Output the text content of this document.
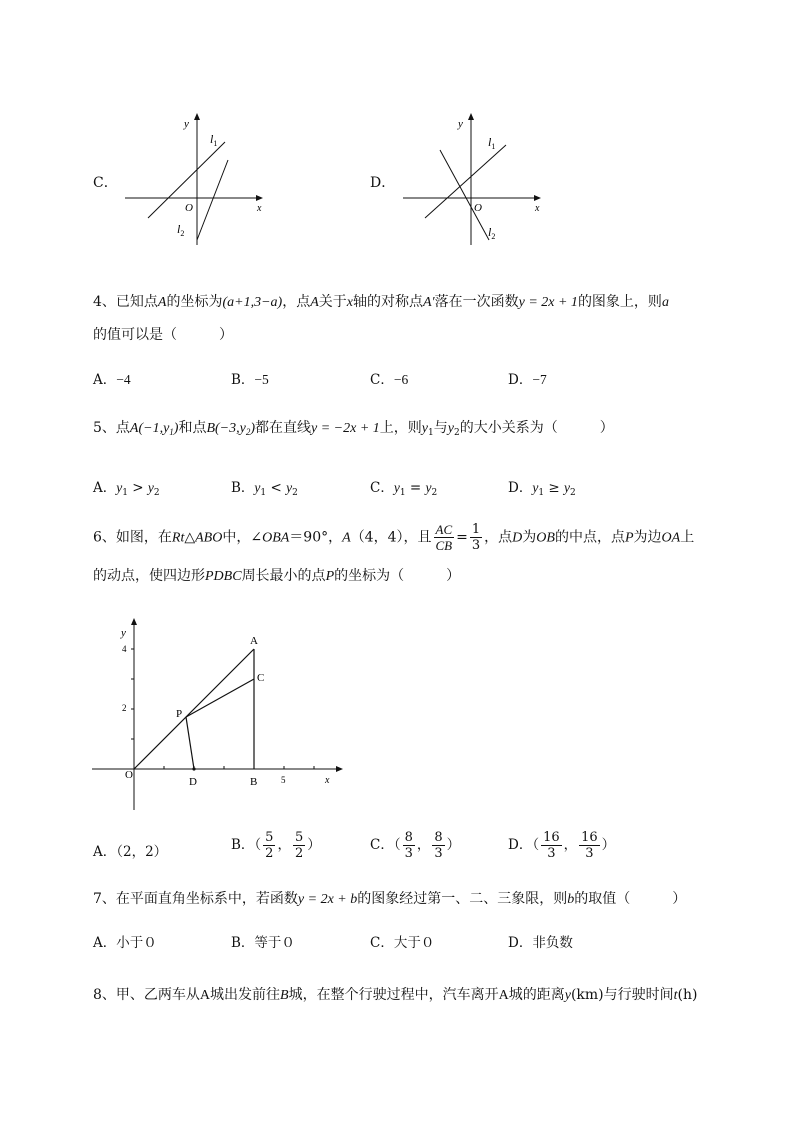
C．
y
x
O
$l_1$
$l_2$
D．
y
x
O
$l_1$
$l_2$
4、已知点A的坐标为(a+1,3−a)，点A关于x轴的对称点A′落在一次函数y = 2x + 1的图象上，则a
的值可以是（　　　）
A．−4	B．−5	C．−6	D．−7
5、点$A(-1,y_1)$和点$B(-3,y_2)$都在直线y = −2x + 1上，则$y_1$与$y_2$的大小关系为（　　　）
A．$y_1 > y_2$	B．$y_1 < y_2$	C．$y_1 = y_2$	D．$y_1 \ge y_2$
6、如图，在Rt△ABO中，∠OBA＝90°，A（4，4），且 $\frac{AC}{CB} = \frac{1}{3}$ ，点D为OB的中点，点P为边OA上
的动点，使四边形PDBC周长最小的点P的坐标为（　　　）
y
x
O
A
C
P
D	B
4
2
5
A．（2，2）	B．（ $\frac{5}{2}$ ， $\frac{5}{2}$ ）	C．（ $\frac{8}{3}$ ， $\frac{8}{3}$ ）	D．（ $\frac{16}{3}$ ， $\frac{16}{3}$ ）
7、在平面直角坐标系中，若函数y = 2x + b的图象经过第一、二、三象限，则b的取值（　　　）
A．小于０	B．等于０	C．大于０	D．非负数
8、甲、乙两车从A城出发前往B城，在整个行驶过程中，汽车离开A城的距离y(km)与行驶时间t(h)
